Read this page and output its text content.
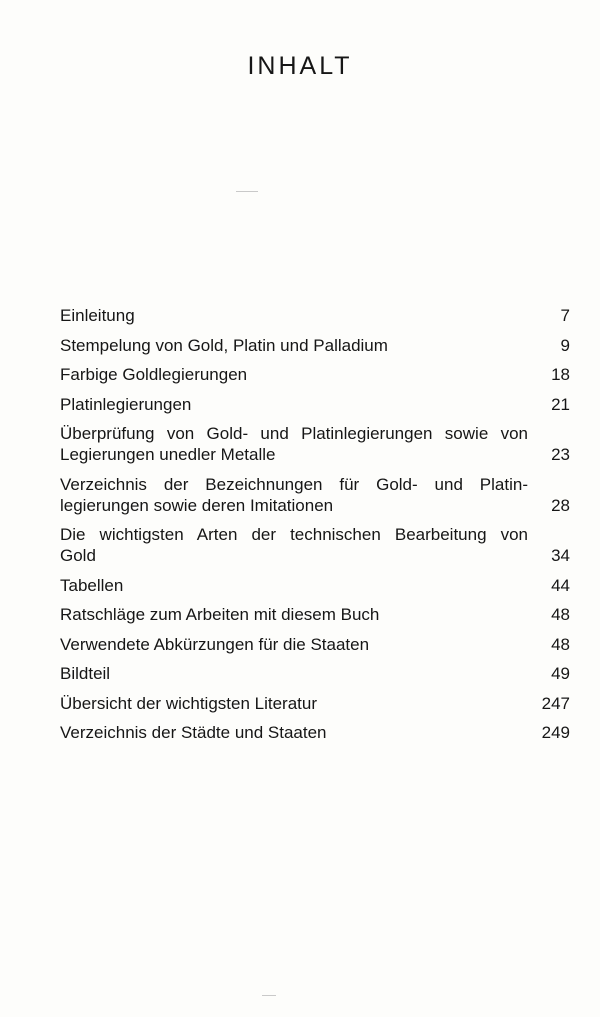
INHALT
Einleitung	7
Stempelung von Gold, Platin und Palladium	9
Farbige Goldlegierungen	18
Platinlegierungen	21
Überprüfung von Gold- und Platinlegierungen sowie von
Legierungen unedler Metalle	23
Verzeichnis der Bezeichnungen für Gold- und Platin-
legierungen sowie deren Imitationen	28
Die wichtigsten Arten der technischen Bearbeitung von
Gold	34
Tabellen	44
Ratschläge zum Arbeiten mit diesem Buch	48
Verwendete Abkürzungen für die Staaten	48
Bildteil	49
Übersicht der wichtigsten Literatur	247
Verzeichnis der Städte und Staaten	249
